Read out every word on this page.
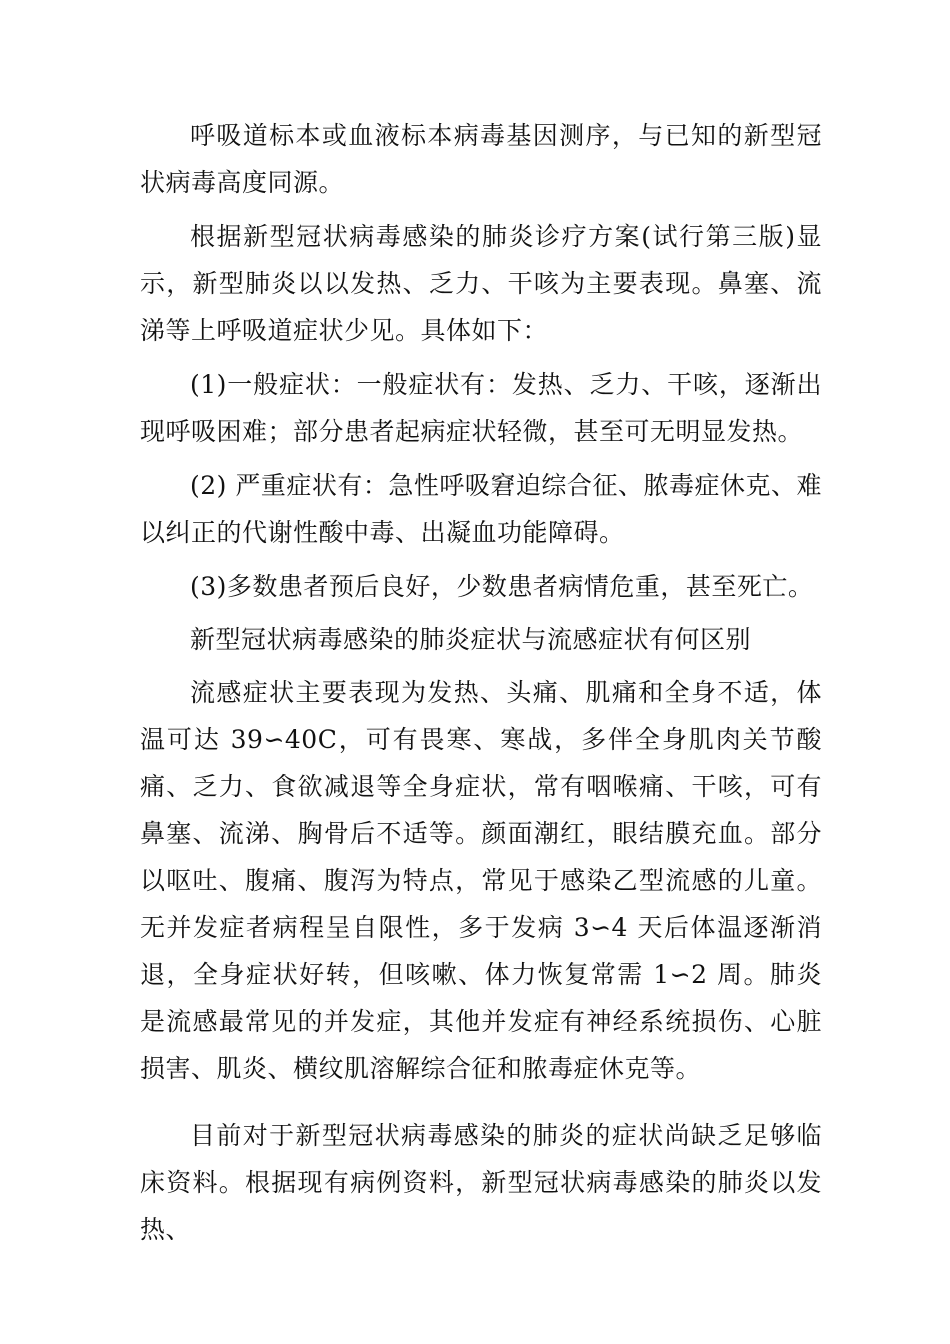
呼吸道标本或血液标本病毒基因测序，与已知的新型冠状病毒高度同源。

根据新型冠状病毒感染的肺炎诊疗方案(试行第三版)显示，新型肺炎以以发热、乏力、干咳为主要表现。鼻塞、流涕等上呼吸道症状少见。具体如下：

(1)一般症状：一般症状有：发热、乏力、干咳，逐渐出现呼吸困难；部分患者起病症状轻微，甚至可无明显发热。

(2) 严重症状有：急性呼吸窘迫综合征、脓毒症休克、难以纠正的代谢性酸中毒、出凝血功能障碍。

(3)多数患者预后良好，少数患者病情危重，甚至死亡。

新型冠状病毒感染的肺炎症状与流感症状有何区别

流感症状主要表现为发热、头痛、肌痛和全身不适，体温可达 39∽40C，可有畏寒、寒战，多伴全身肌肉关节酸痛、乏力、食欲减退等全身症状，常有咽喉痛、干咳，可有鼻塞、流涕、胸骨后不适等。颜面潮红，眼结膜充血。部分以呕吐、腹痛、腹泻为特点，常见于感染乙型流感的儿童。无并发症者病程呈自限性，多于发病 3∽4 天后体温逐渐消退，全身症状好转，但咳嗽、体力恢复常需 1∽2 周。肺炎是流感最常见的并发症，其他并发症有神经系统损伤、心脏损害、肌炎、横纹肌溶解综合征和脓毒症休克等。

目前对于新型冠状病毒感染的肺炎的症状尚缺乏足够临床资料。根据现有病例资料，新型冠状病毒感染的肺炎以发热、
